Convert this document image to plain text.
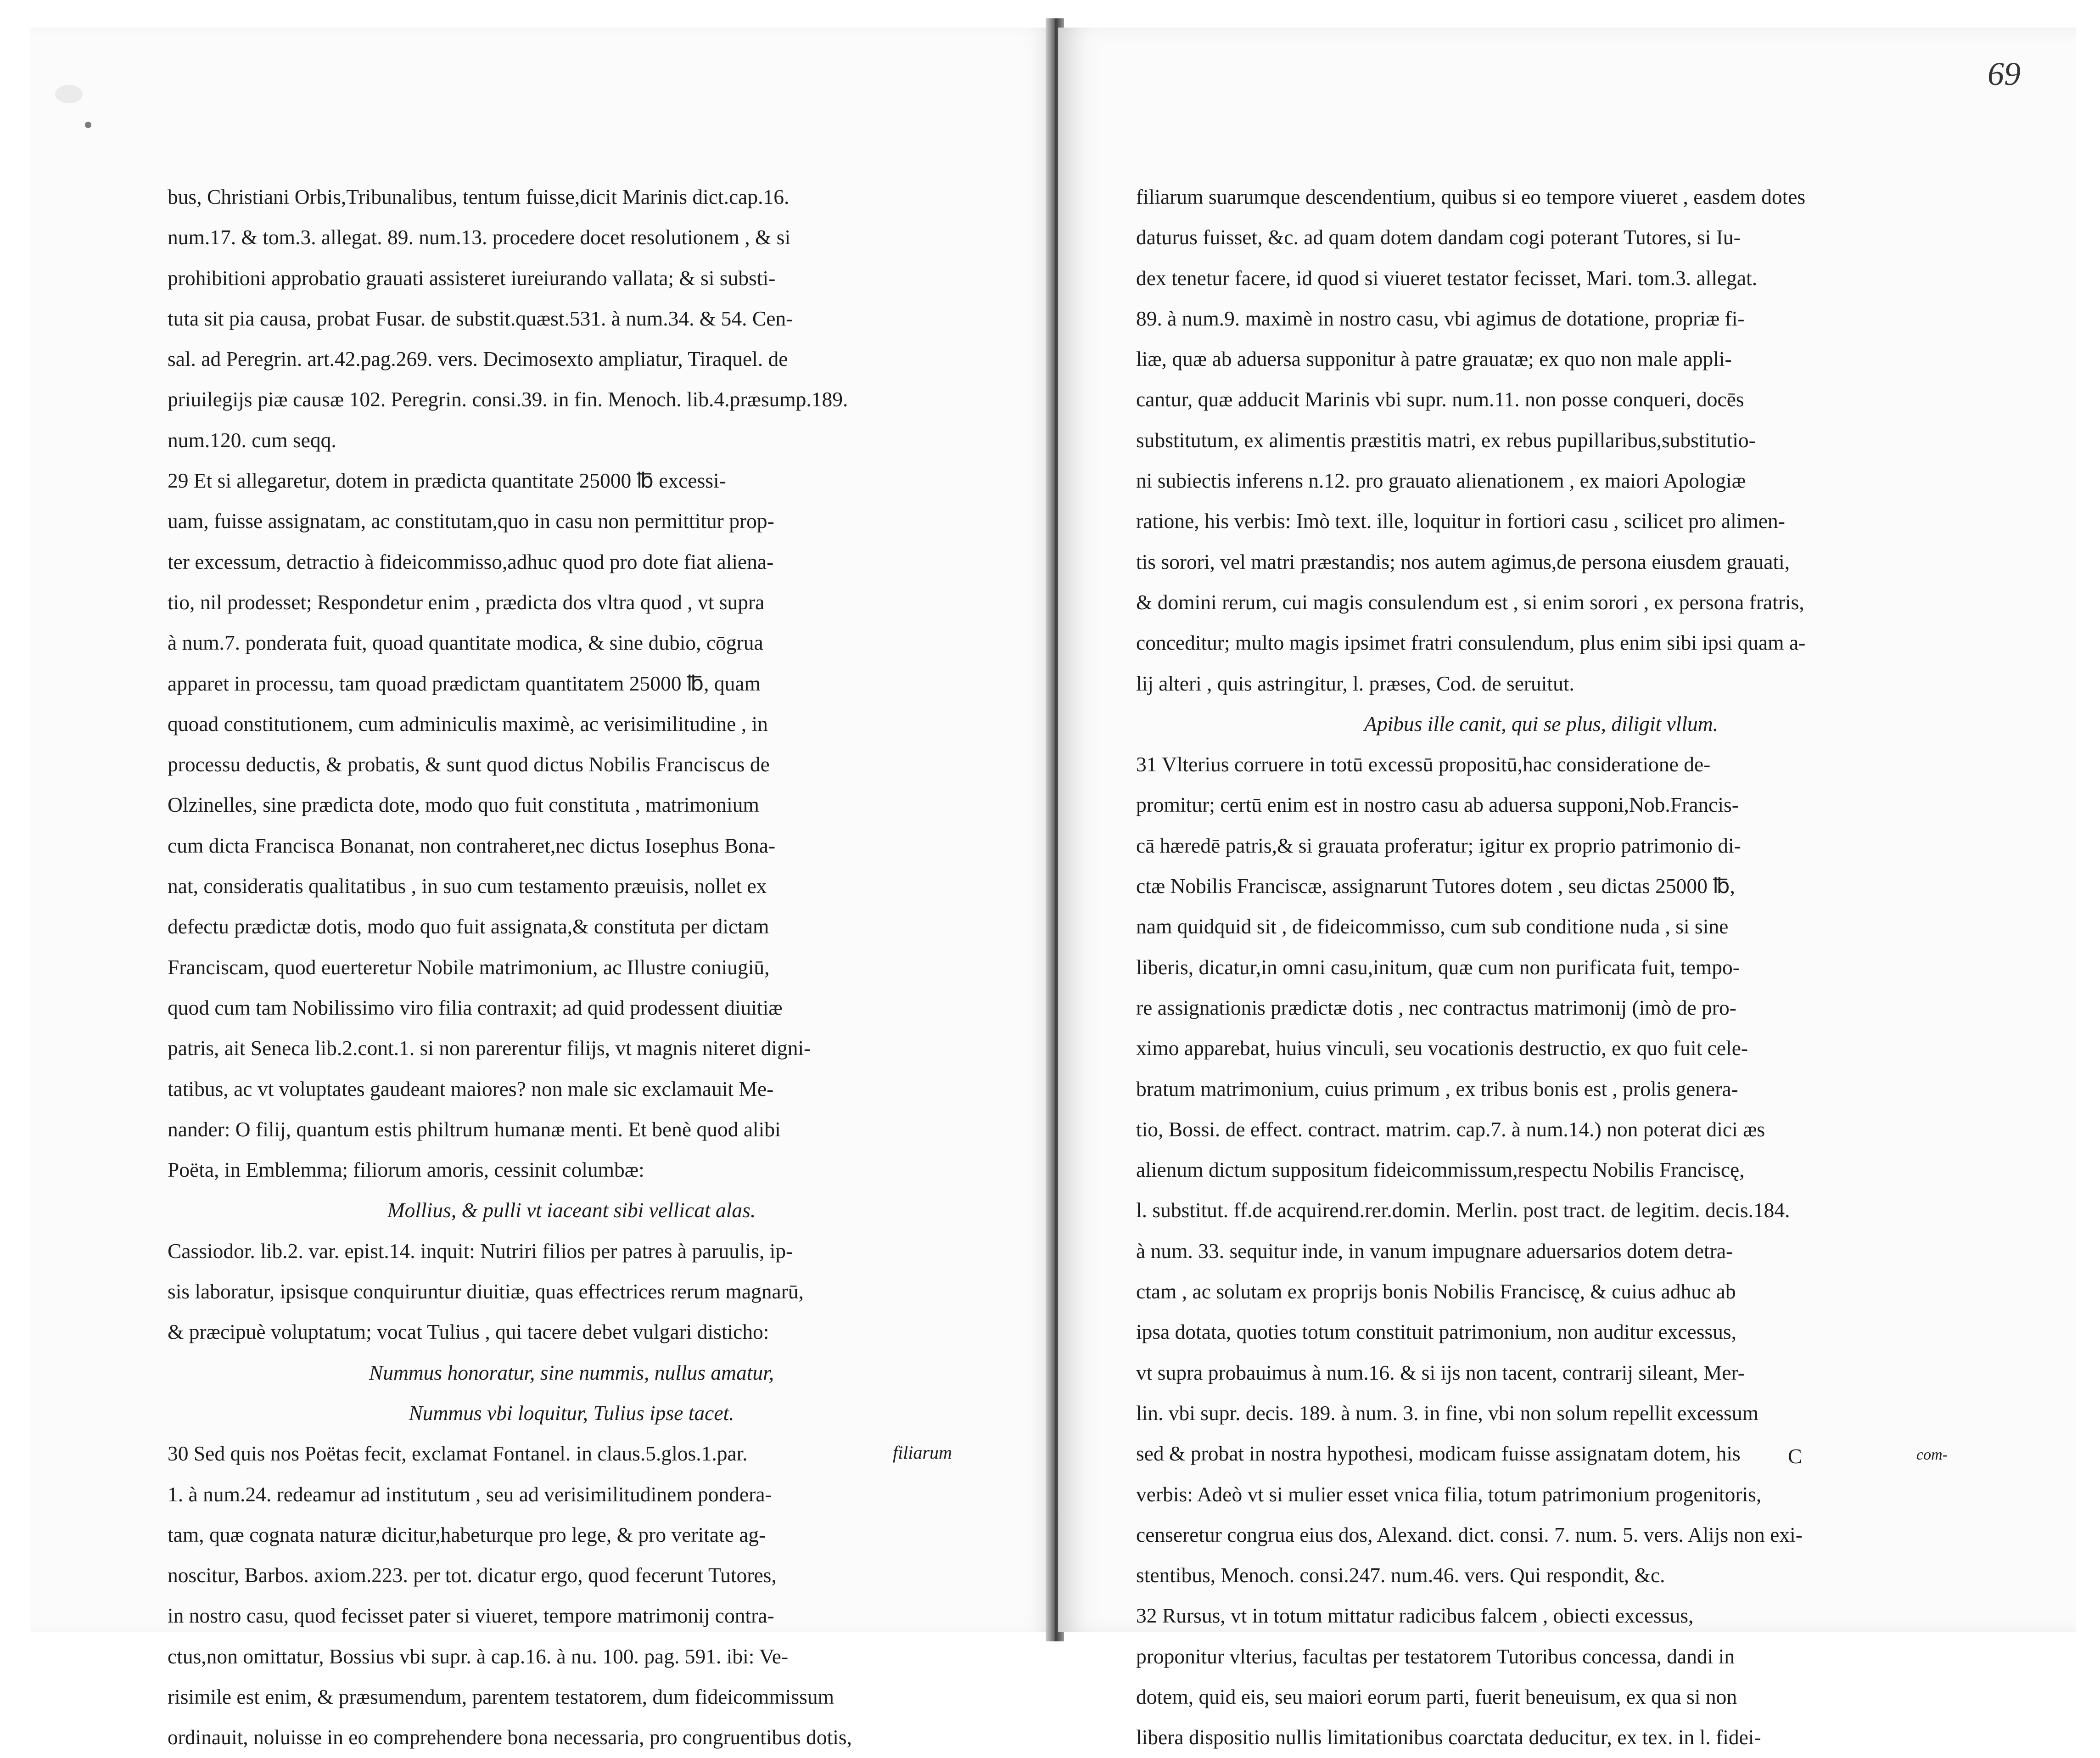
69
bus, Christiani Orbis,Tribunalibus, tentum fuisse,dicit Marinis dict.cap.16.
num.17. & tom.3. allegat. 89. num.13. procedere docet resolutionem , & si
prohibitioni approbatio grauati assisteret iureiurando vallata; & si substi-
tuta sit pia causa, probat Fusar. de substit.quæst.531. à num.34. & 54. Cen-
sal. ad Peregrin. art.42.pag.269. vers. Decimosexto ampliatur, Tiraquel. de
priuilegijs piæ causæ 102. Peregrin. consi.39. in fin. Menoch. lib.4.præsump.189.
num.120. cum seqq.
29 Et si allegaretur, dotem in prædicta quantitate 25000 ℔ excessi-
uam, fuisse assignatam, ac constitutam,quo in casu non permittitur prop-
ter excessum, detractio à fideicommisso,adhuc quod pro dote fiat aliena-
tio, nil prodesset; Respondetur enim , prædicta dos vltra quod , vt supra
à num.7. ponderata fuit, quoad quantitate modica, & sine dubio, cōgrua
apparet in processu, tam quoad prædictam quantitatem 25000 ℔, quam
quoad constitutionem, cum adminiculis maximè, ac verisimilitudine , in
processu deductis, & probatis, & sunt quod dictus Nobilis Franciscus de
Olzinelles, sine prædicta dote, modo quo fuit constituta , matrimonium
cum dicta Francisca Bonanat, non contraheret,nec dictus Iosephus Bona-
nat, consideratis qualitatibus , in suo cum testamento præuisis, nollet ex
defectu prædictæ dotis, modo quo fuit assignata,& constituta per dictam
Franciscam, quod euerteretur Nobile matrimonium, ac Illustre coniugiū,
quod cum tam Nobilissimo viro filia contraxit; ad quid prodessent diuitiæ
patris, ait Seneca lib.2.cont.1. si non parerentur filijs, vt magnis niteret digni-
tatibus, ac vt voluptates gaudeant maiores? non male sic exclamauit Me-
nander: O filij, quantum estis philtrum humanæ menti. Et benè quod alibi
Poëta, in Emblemma; filiorum amoris, cessinit columbæ:
Mollius, & pulli vt iaceant sibi vellicat alas.
Cassiodor. lib.2. var. epist.14. inquit: Nutriri filios per patres à paruulis, ip-
sis laboratur, ipsisque conquiruntur diuitiæ, quas effectrices rerum magnarū,
& præcipuè voluptatum; vocat Tulius , qui tacere debet vulgari disticho:
Nummus honoratur, sine nummis, nullus amatur,
Nummus vbi loquitur, Tulius ipse tacet.
30 Sed quis nos Poëtas fecit, exclamat Fontanel. in claus.5.glos.1.par.
1. à num.24. redeamur ad institutum , seu ad verisimilitudinem pondera-
tam, quæ cognata naturæ dicitur,habeturque pro lege, & pro veritate ag-
noscitur, Barbos. axiom.223. per tot. dicatur ergo, quod fecerunt Tutores,
in nostro casu, quod fecisset pater si viueret, tempore matrimonij contra-
ctus,non omittatur, Bossius vbi supr. à cap.16. à nu. 100. pag. 591. ibi: Ve-
risimile est enim, & præsumendum, parentem testatorem, dum fideicommissum
ordinauit, noluisse in eo comprehendere bona necessaria, pro congruentibus dotis,
filiarum
filiarum suarumque descendentium, quibus si eo tempore viueret , easdem dotes
daturus fuisset, &c. ad quam dotem dandam cogi poterant Tutores, si Iu-
dex tenetur facere, id quod si viueret testator fecisset, Mari. tom.3. allegat.
89. à num.9. maximè in nostro casu, vbi agimus de dotatione, propriæ fi-
liæ, quæ ab aduersa supponitur à patre grauatæ; ex quo non male appli-
cantur, quæ adducit Marinis vbi supr. num.11. non posse conqueri, docēs
substitutum, ex alimentis præstitis matri, ex rebus pupillaribus,substitutio-
ni subiectis inferens n.12. pro grauato alienationem , ex maiori Apologiæ
ratione, his verbis: Imò text. ille, loquitur in fortiori casu , scilicet pro alimen-
tis sorori, vel matri præstandis; nos autem agimus,de persona eiusdem grauati,
& domini rerum, cui magis consulendum est , si enim sorori , ex persona fratris,
conceditur; multo magis ipsimet fratri consulendum, plus enim sibi ipsi quam a-
lij alteri , quis astringitur, l. præses, Cod. de seruitut.
Apibus ille canit, qui se plus, diligit vllum.
31 Vlterius corruere in totū excessū propositū,hac consideratione de-
promitur; certū enim est in nostro casu ab aduersa supponi,Nob.Francis-
cā hæredē patris,& si grauata proferatur; igitur ex proprio patrimonio di-
ctæ Nobilis Franciscæ, assignarunt Tutores dotem , seu dictas 25000 ℔,
nam quidquid sit , de fideicommisso, cum sub conditione nuda , si sine
liberis, dicatur,in omni casu,initum, quæ cum non purificata fuit, tempo-
re assignationis prædictæ dotis , nec contractus matrimonij (imò de pro-
ximo apparebat, huius vinculi, seu vocationis destructio, ex quo fuit cele-
bratum matrimonium, cuius primum , ex tribus bonis est , prolis genera-
tio, Bossi. de effect. contract. matrim. cap.7. à num.14.) non poterat dici æs
alienum dictum suppositum fideicommissum,respectu Nobilis Franciscę,
l. substitut. ff.de acquirend.rer.domin. Merlin. post tract. de legitim. decis.184.
à num. 33. sequitur inde, in vanum impugnare aduersarios dotem detra-
ctam , ac solutam ex proprijs bonis Nobilis Franciscę, & cuius adhuc ab
ipsa dotata, quoties totum constituit patrimonium, non auditur excessus,
vt supra probauimus à num.16. & si ijs non tacent, contrarij sileant, Mer-
lin. vbi supr. decis. 189. à num. 3. in fine, vbi non solum repellit excessum
sed & probat in nostra hypothesi, modicam fuisse assignatam dotem, his
verbis: Adeò vt si mulier esset vnica filia, totum patrimonium progenitoris,
censeretur congrua eius dos, Alexand. dict. consi. 7. num. 5. vers. Alijs non exi-
stentibus, Menoch. consi.247. num.46. vers. Qui respondit, &c.
32 Rursus, vt in totum mittatur radicibus falcem , obiecti excessus,
proponitur vlterius, facultas per testatorem Tutoribus concessa, dandi in
dotem, quid eis, seu maiori eorum parti, fuerit beneuisum, ex qua si non
libera dispositio nullis limitationibus coarctata deducitur, ex tex. in l. fidei-
C	com-
